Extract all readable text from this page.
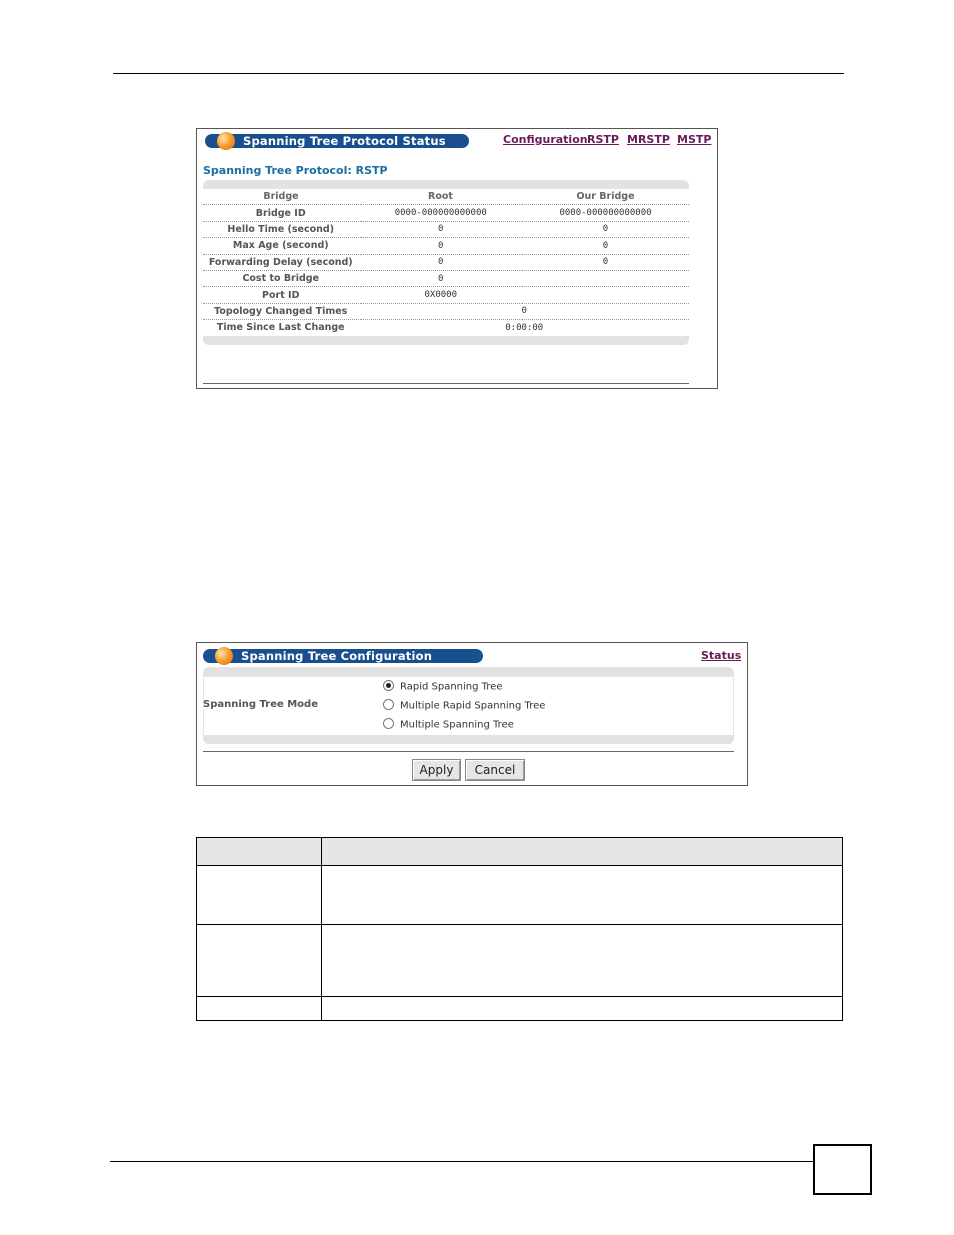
Spanning Tree Protocol Status	Configuration RSTP MRSTP MSTP
Spanning Tree Protocol: RSTP
Bridge	Root	Our Bridge
Bridge ID	0000-000000000000	0000-000000000000
Hello Time (second)	0	0
Max Age (second)	0	0
Forwarding Delay (second)	0	0
Cost to Bridge	0	
Port ID	0X0000	
Topology Changed Times	0	
Time Since Last Change	0:00:00	
Spanning Tree Configuration	Status
Spanning Tree Mode
Rapid Spanning Tree
Multiple Rapid Spanning Tree
Multiple Spanning Tree
Apply	Cancel
